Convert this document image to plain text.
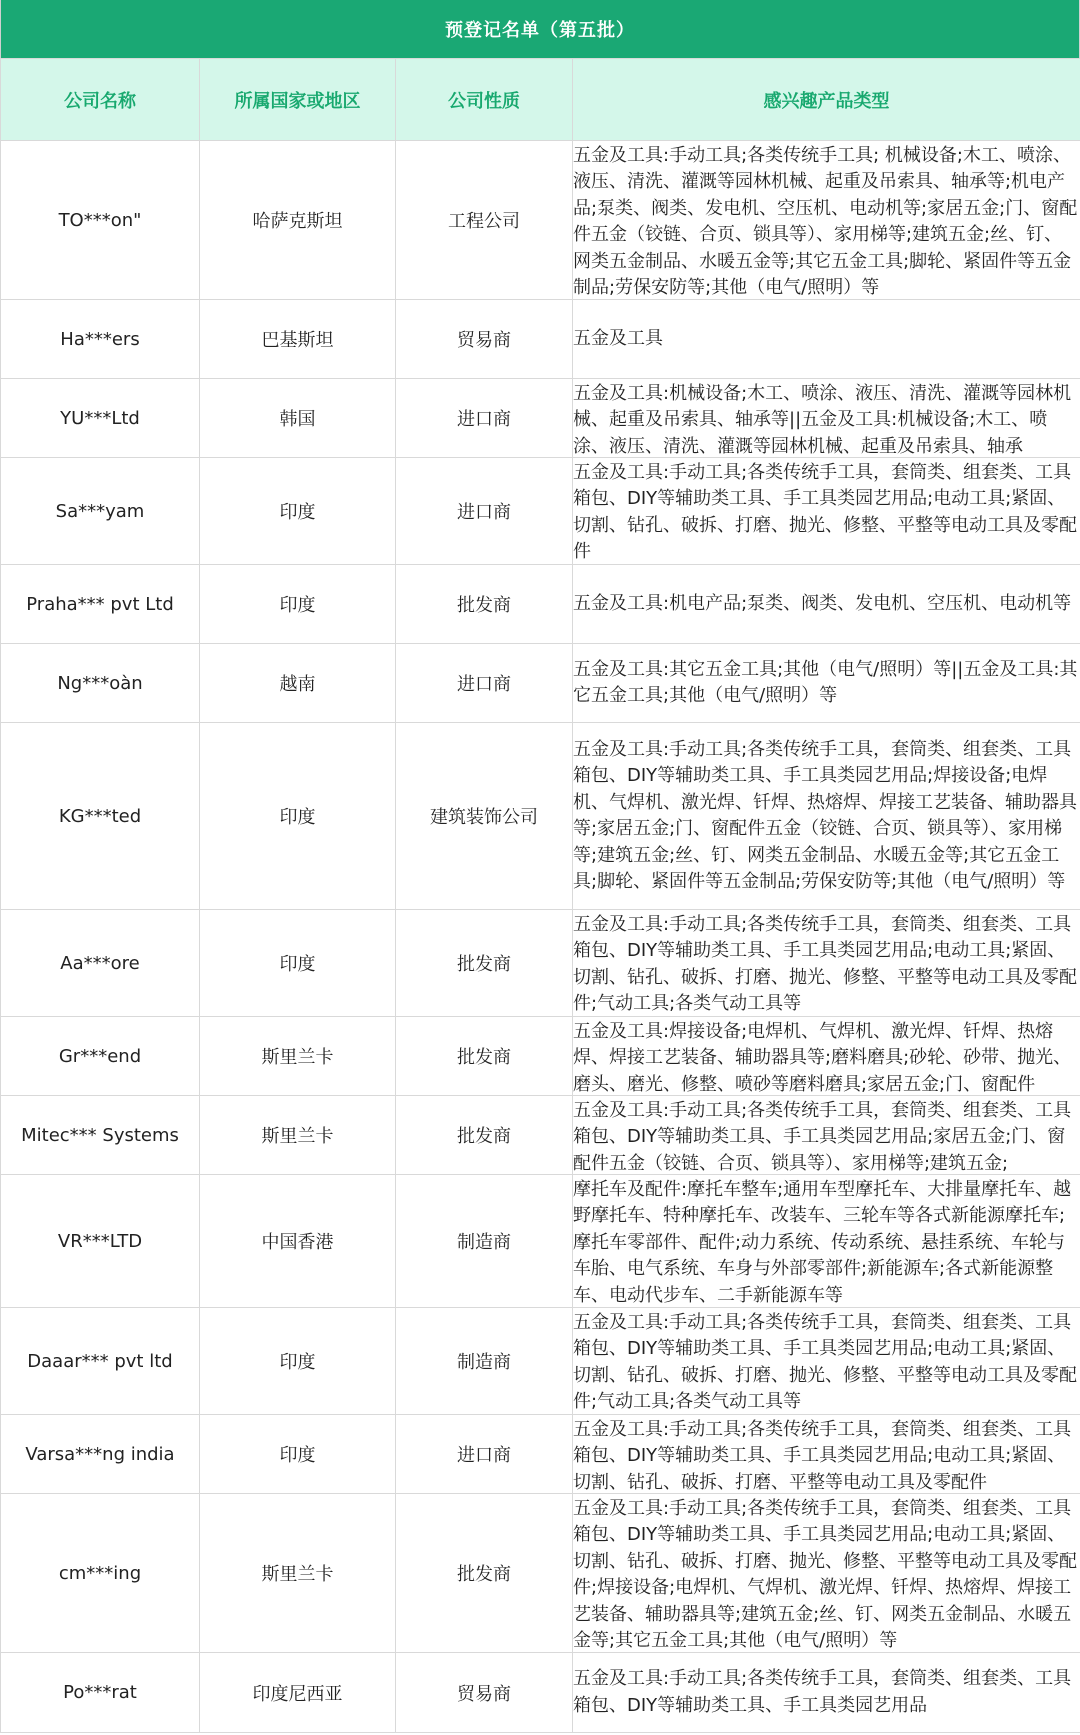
预登记名单（第五批）
公司名称	所属国家或地区	公司性质	感兴趣产品类型
TO***on"	哈萨克斯坦	工程公司	五金及工具:手动工具;各类传统手工具; 机械设备;木工、喷涂、液压、清洗、灌溉等园林机械、起重及吊索具、轴承等;机电产品;泵类、阀类、发电机、空压机、电动机等;家居五金;门、窗配件五金（铰链、合页、锁具等）、家用梯等;建筑五金;丝、钉、网类五金制品、水暖五金等;其它五金工具;脚轮、紧固件等五金制品;劳保安防等;其他（电气/照明）等

Ha***ers	巴基斯坦	贸易商	五金及工具

YU***Ltd	韩国	进口商	五金及工具:机械设备;木工、喷涂、液压、清洗、灌溉等园林机械、起重及吊索具、轴承等||五金及工具:机械设备;木工、喷涂、液压、清洗、灌溉等园林机械、起重及吊索具、轴承

Sa***yam	印度	进口商	五金及工具:手动工具;各类传统手工具，套筒类、组套类、工具箱包、DIY等辅助类工具、手工具类园艺用品;电动工具;紧固、切割、钻孔、破拆、打磨、抛光、修整、平整等电动工具及零配件

Praha*** pvt Ltd	印度	批发商	五金及工具:机电产品;泵类、阀类、发电机、空压机、电动机等

Ng***oàn	越南	进口商	五金及工具:其它五金工具;其他（电气/照明）等||五金及工具:其它五金工具;其他（电气/照明）等

KG***ted	印度	建筑装饰公司	五金及工具:手动工具;各类传统手工具，套筒类、组套类、工具箱包、DIY等辅助类工具、手工具类园艺用品;焊接设备;电焊机、气焊机、激光焊、钎焊、热熔焊、焊接工艺装备、辅助器具等;家居五金;门、窗配件五金（铰链、合页、锁具等）、家用梯等;建筑五金;丝、钉、网类五金制品、水暖五金等;其它五金工具;脚轮、紧固件等五金制品;劳保安防等;其他（电气/照明）等

Aa***ore	印度	批发商	五金及工具:手动工具;各类传统手工具，套筒类、组套类、工具箱包、DIY等辅助类工具、手工具类园艺用品;电动工具;紧固、切割、钻孔、破拆、打磨、抛光、修整、平整等电动工具及零配件;气动工具;各类气动工具等

Gr***end	斯里兰卡	批发商	五金及工具:焊接设备;电焊机、气焊机、激光焊、钎焊、热熔焊、焊接工艺装备、辅助器具等;磨料磨具;砂轮、砂带、抛光、磨头、磨光、修整、喷砂等磨料磨具;家居五金;门、窗配件

Mitec*** Systems	斯里兰卡	批发商	五金及工具:手动工具;各类传统手工具，套筒类、组套类、工具箱包、DIY等辅助类工具、手工具类园艺用品;家居五金;门、窗配件五金（铰链、合页、锁具等）、家用梯等;建筑五金;

VR***LTD	中国香港	制造商	摩托车及配件:摩托车整车;通用车型摩托车、大排量摩托车、越野摩托车、特种摩托车、改装车、三轮车等各式新能源摩托车;摩托车零部件、配件;动力系统、传动系统、悬挂系统、车轮与车胎、电气系统、车身与外部零部件;新能源车;各式新能源整车、电动代步车、二手新能源车等

Daaar*** pvt ltd	印度	制造商	五金及工具:手动工具;各类传统手工具，套筒类、组套类、工具箱包、DIY等辅助类工具、手工具类园艺用品;电动工具;紧固、切割、钻孔、破拆、打磨、抛光、修整、平整等电动工具及零配件;气动工具;各类气动工具等

Varsa***ng india	印度	进口商	五金及工具:手动工具;各类传统手工具，套筒类、组套类、工具箱包、DIY等辅助类工具、手工具类园艺用品;电动工具;紧固、切割、钻孔、破拆、打磨、平整等电动工具及零配件

cm***ing	斯里兰卡	批发商	五金及工具:手动工具;各类传统手工具，套筒类、组套类、工具箱包、DIY等辅助类工具、手工具类园艺用品;电动工具;紧固、切割、钻孔、破拆、打磨、抛光、修整、平整等电动工具及零配件;焊接设备;电焊机、气焊机、激光焊、钎焊、热熔焊、焊接工艺装备、辅助器具等;建筑五金;丝、钉、网类五金制品、水暖五金等;其它五金工具;其他（电气/照明）等

Po***rat	印度尼西亚	贸易商	五金及工具:手动工具;各类传统手工具，套筒类、组套类、工具箱包、DIY等辅助类工具、手工具类园艺用品
